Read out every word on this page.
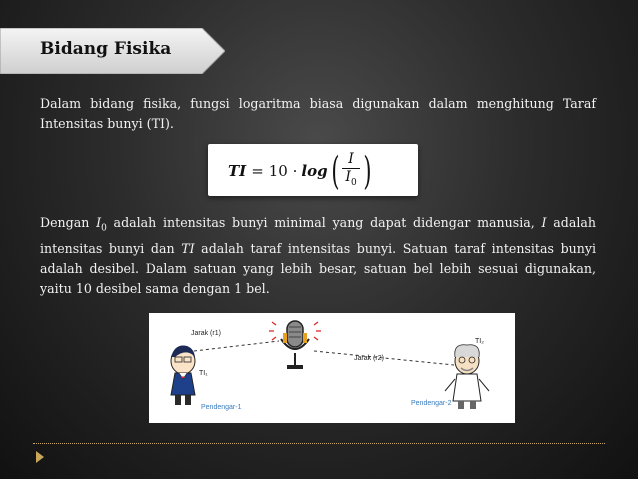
Bidang Fisika
Dalam bidang fisika, fungsi logaritma biasa digunakan dalam menghitung Taraf Intensitas bunyi (TI).
TI = 10 · log ( $\frac{I}{I_0}$ )
Dengan $I_0$ adalah intensitas bunyi minimal yang dapat didengar manusia, I adalah intensitas bunyi dan TI adalah taraf intensitas bunyi. Satuan taraf intensitas bunyi adalah desibel. Dalam satuan yang lebih besar, satuan bel lebih sesuai digunakan, yaitu 10 desibel sama dengan 1 bel.
Jarak (r1)
Jarak (r2)
TI₁
TI₂
Pendengar-1
Pendengar-2
